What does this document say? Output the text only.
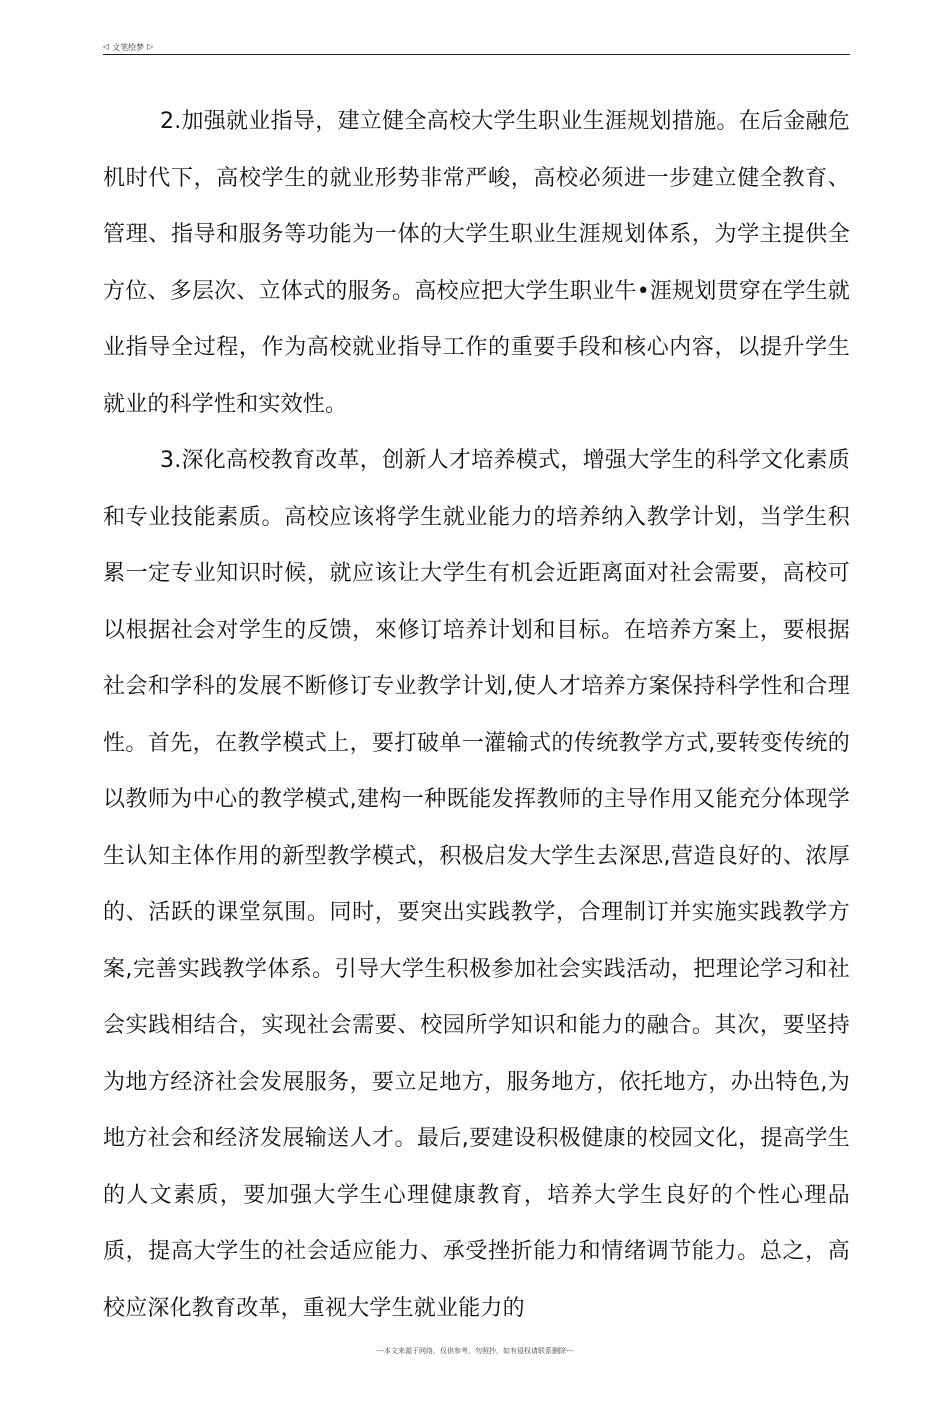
◁ 文笔绘梦 ▷

2.加强就业指导，建立健全高校大学生职业生涯规划措施。在后金融危机时代下，高校学生的就业形势非常严峻，高校必须进一步建立健全教育、管理、指导和服务等功能为一体的大学生职业生涯规划体系，为学主提供全方位、多层次、立体式的服务。高校应把大学生职业牛•涯规划贯穿在学生就业指导全过程，作为高校就业指导工作的重要手段和核心内容，以提升学生就业的科学性和实效性。

3.深化高校教育改革，创新人才培养模式，增强大学生的科学文化素质和专业技能素质。高校应该将学生就业能力的培养纳入教学计划，当学生积累一定专业知识时候，就应该让大学生有机会近距离面对社会需要，高校可以根据社会对学生的反馈，來修订培养计划和目标。在培养方案上，要根据社会和学科的发展不断修订专业教学计划,使人才培养方案保持科学性和合理性。首先，在教学模式上，要打破单一灌输式的传统教学方式,要转变传统的以教师为中心的教学模式,建构一种既能发挥教师的主导作用又能充分体现学生认知主体作用的新型教学模式，积极启发大学生去深思,营造良好的、浓厚的、活跃的课堂氛围。同时，要突出实践教学，合理制订并实施实践教学方案,完善实践教学体系。引导大学生积极参加社会实践活动，把理论学习和社会实践相结合，实现社会需要、校园所学知识和能力的融合。其次，要坚持为地方经济社会发展服务，要立足地方，服务地方，依托地方，办出特色,为地方社会和经济发展输送人才。最后,要建设积极健康的校园文化，提高学生的人文素质，要加强大学生心理健康教育，培养大学生良好的个性心理品质，提高大学生的社会适应能力、承受挫折能力和情绪调节能力。总之，高校应深化教育改革，重视大学生就业能力的

---本文来源于网络，仅供参考，勿照抄，如有侵权请联系删除---
